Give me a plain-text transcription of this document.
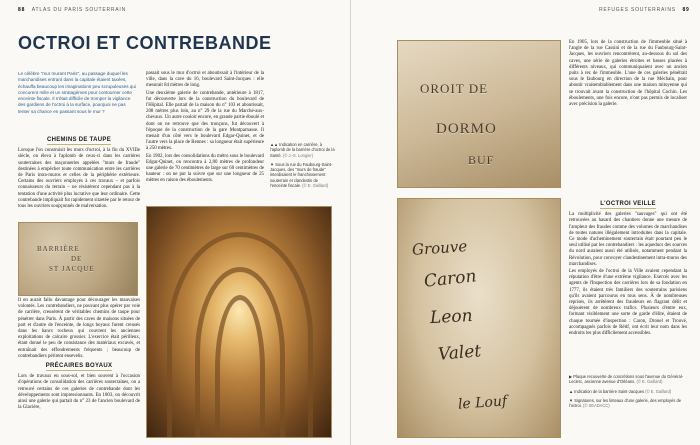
88 ATLAS DU PARIS SOUTERRAIN
OCTROI ET CONTREBANDE

Le célèbre "mur murant Paris", au passage duquel les marchandises entrant dans la capitale étaient taxées, échauffa beaucoup les imaginations peu scrupuleuses qui concurent mille et un stratagèmes pour contourner cette enceinte fiscale. Il s'était difficile de tromper la vigilance des gardiens de l'octroi à la surface, pourquoi ne pas tenter sa chance en passant sous le mur ?

CHEMINS DE TAUPE

Lorsque l'on construisit les murs d'octroi, à la fin du XVIIIe siècle, on éleva à l'aplomb de ceux-ci dans les carrières souterraines des maçonneries appelées "murs de fraude" destinées à empêcher toute communication entre les carrières de Paris intra-muros et celles de la périphérie extérieure. Certains des ouvriers employés à ces travaux – et parfois connaisseurs du terrain – ne résistèrent cependant pas à la tentation d'une activité plus lucrative que leur ordinaire. Cette contrebande impliquait fut rapidement sitzetée par le retour de tous les ouvriers soupçonnés de malversation.

BARRIÈRE
DE
ST JACQUE

Il en aurait fallu davantage pour décourager les mauvaises volontés. Les contrebandiers, ne pouvant plus opérer par voie de carrière, creusèrent de véritables chemins de taupe pour pénétrer dans Paris. À partir des caves de maisons situées de part et d'autre de l'enceinte, de longs boyaux furent creusés dans les bancs rocheux qui couvrent les anciennes exploitations de calcaire grossier. L'exercice était périlleux, étant donné le peu de consistance des matériaux excavés, et entraînait des effondrements fréquents ; beaucoup de contrebandiers périrent ensevelis.

PRÉCAIRES BOYAUX

Lors de travaux en sous-sol, et bien souvent à l'occasion d'opérations de consolidation des carrières souterraines, on a retrouvé certains de ces galeries de contrebande dont les développements sont impressionnants. En 1803, on découvrit ainsi une galerie qui partait du n° 23 de l'ancien boulevard de la Glacière,

passait sous le mur d'octroi et aboutissait à l'intérieur de la ville, dans la cave du 16, boulevard Saint-Jacques : elle mesurait 84 mètres de long.

Une deuxième galerie de contrebande, antérieure à 1817, fut découverte lors de la construction du boulevard de l'Hôpital. Elle partait de la maison du n° 103 et aboutissait, 208 mètres plus loin, au n° 29 de la rue du Marché-aux-chevaux. Un autre couloir encore, en grande partie éboulé et dont on ne retrouve que des tronçons, fut découvert à l'époque de la construction de la gare Montparnasse. Il menait d'un côté vers le boulevard Edgar-Quinet, et de l'autre vers la place de Rennes : sa longueur était supérieure à 250 mètres.

En 1902, lors des consolidations du métro sous le boulevard Edgar-Quinet, on rencontra à 2,80 mètres de profondeur une galerie de 70 centimètres de large sur 60 centimètres de hauteur : on ne put la suivre que sur une longueur de 25 mètres en raison des éboulements.

▲▲ Indication en carrière, à l'aplomb de la barrière d'octroi de la Santé. (© J.-S. Longier)

▼ Sous la rue du Faubourg-Saint-Jacques, des "murs de fraude" interdisaient le franchissement souterrain et clandestin de l'enceinte fiscale. (© E. Gaillard)

REFUGES SOUTERRAINS 89
OROIT DE
DORMO
BUF
Grouve
Caron
Leon
Valet
le Louf

En 1905, lors de la construction de l'immeuble situé à l'angle de la rue Cassini et de la rue du Faubourg-Saint-Jacques, les ouvriers rencontrèrent, au-dessous du sol des caves, une série de galeries étroites et basses placées à différents niveaux, qui communiquaient avec un ancien puits à rez de l'immeuble. L'une de ces galeries pénétrait sous le faubourg en direction de la rue Méchain, pour aboutir vraisemblablement dans une maison mitoyenne qui se trouvait avant la construction de l'hôpital Cochin. Les éboulements, une fois encore, n'ont pas permis de localiser avec précision la galerie.

L'OCTROI VEILLE

La multiplicité des galeries "sauvages" qui ont été retrouvées au hasard des chantiers donne une mesure de l'ampleur des fraudes comme des volumes de marchandises de toutes natures illégalement introduites dans la capitale. Ce mode d'acheminement souterrain était pourtant peu le seul utilisé par les contrebandiers : les aqueducs des sources du nord auraient aussi été utilisés, notamment pendant la Révolution, pour convoyer clandestinement intra-muros des marchandises.

Les employés de l'octroi de la Ville avaient cependant la réputation d'être d'une extrême vigilance. Exercés avec les agents de l'Inspection des carrières lors de sa fondation en 1777, ils étaient très familiers des souterrains parisiens qu'ils avaient parcourus en tous sens. À de nombreuses reprises, ils arrêtèrent des fraudeurs en flagrant délit et déjouèrent de nombreux trafics. Plusieurs d'entre eux, formant visiblement une sorte de garde d'élite, étaient de chaque tournée d'inspection : Caron, Drouel et Trouvé, accompagnés parfois de Rétif, ont écrit leur nom dans les endroits les plus difficilement accessibles.

▶ Plaque recouverte de concrétions sous l'avenue du Général-Leclerc, ancienne avenue d'Orléans. (© E. Gaillard)

▲ Indication de la barrière Saint-Jacques (© E. Gaillard)

▼ Signatures, sur les linteaux d'une galerie, des employés de l'octroi. (© SEADACC)
